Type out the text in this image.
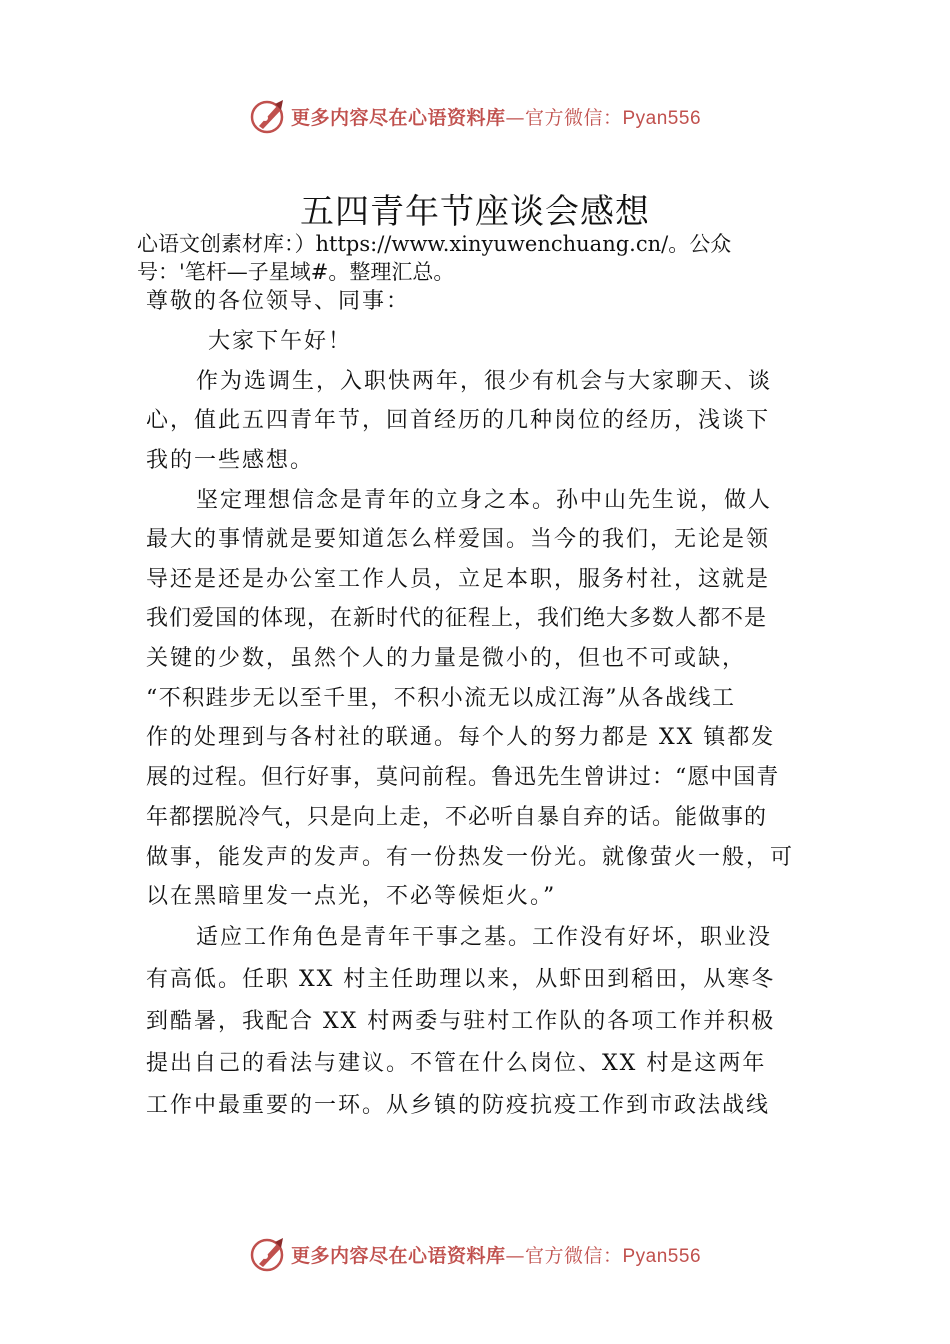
更多内容尽在心语资料库—官方微信：Pyan556
五四青年节座谈会感想
心语文创素材库：）https://www.xinyuwenchuang.cn/。公众
号：'笔杆—子星域#。整理汇总。
尊敬的各位领导、同事：
大家下午好！
作为选调生，入职快两年，很少有机会与大家聊天、谈
心，值此五四青年节，回首经历的几种岗位的经历，浅谈下
我的一些感想。
坚定理想信念是青年的立身之本。孙中山先生说，做人
最大的事情就是要知道怎么样爱国。当今的我们，无论是领
导还是还是办公室工作人员，立足本职，服务村社，这就是
我们爱国的体现，在新时代的征程上，我们绝大多数人都不是
关键的少数，虽然个人的力量是微小的，但也不可或缺，
“不积跬步无以至千里，不积小流无以成江海”从各战线工
作的处理到与各村社的联通。每个人的努力都是 XX 镇都发
展的过程。但行好事，莫问前程。鲁迅先生曾讲过：“愿中国青
年都摆脱冷气，只是向上走，不必听自暴自弃的话。能做事的
做事，能发声的发声。有一份热发一份光。就像萤火一般，可
以在黑暗里发一点光，不必等候炬火。”
适应工作角色是青年干事之基。工作没有好坏，职业没
有高低。任职 XX 村主任助理以来，从虾田到稻田，从寒冬
到酷暑，我配合 XX 村两委与驻村工作队的各项工作并积极
提出自己的看法与建议。不管在什么岗位、XX 村是这两年
工作中最重要的一环。从乡镇的防疫抗疫工作到市政法战线
更多内容尽在心语资料库—官方微信：Pyan556
